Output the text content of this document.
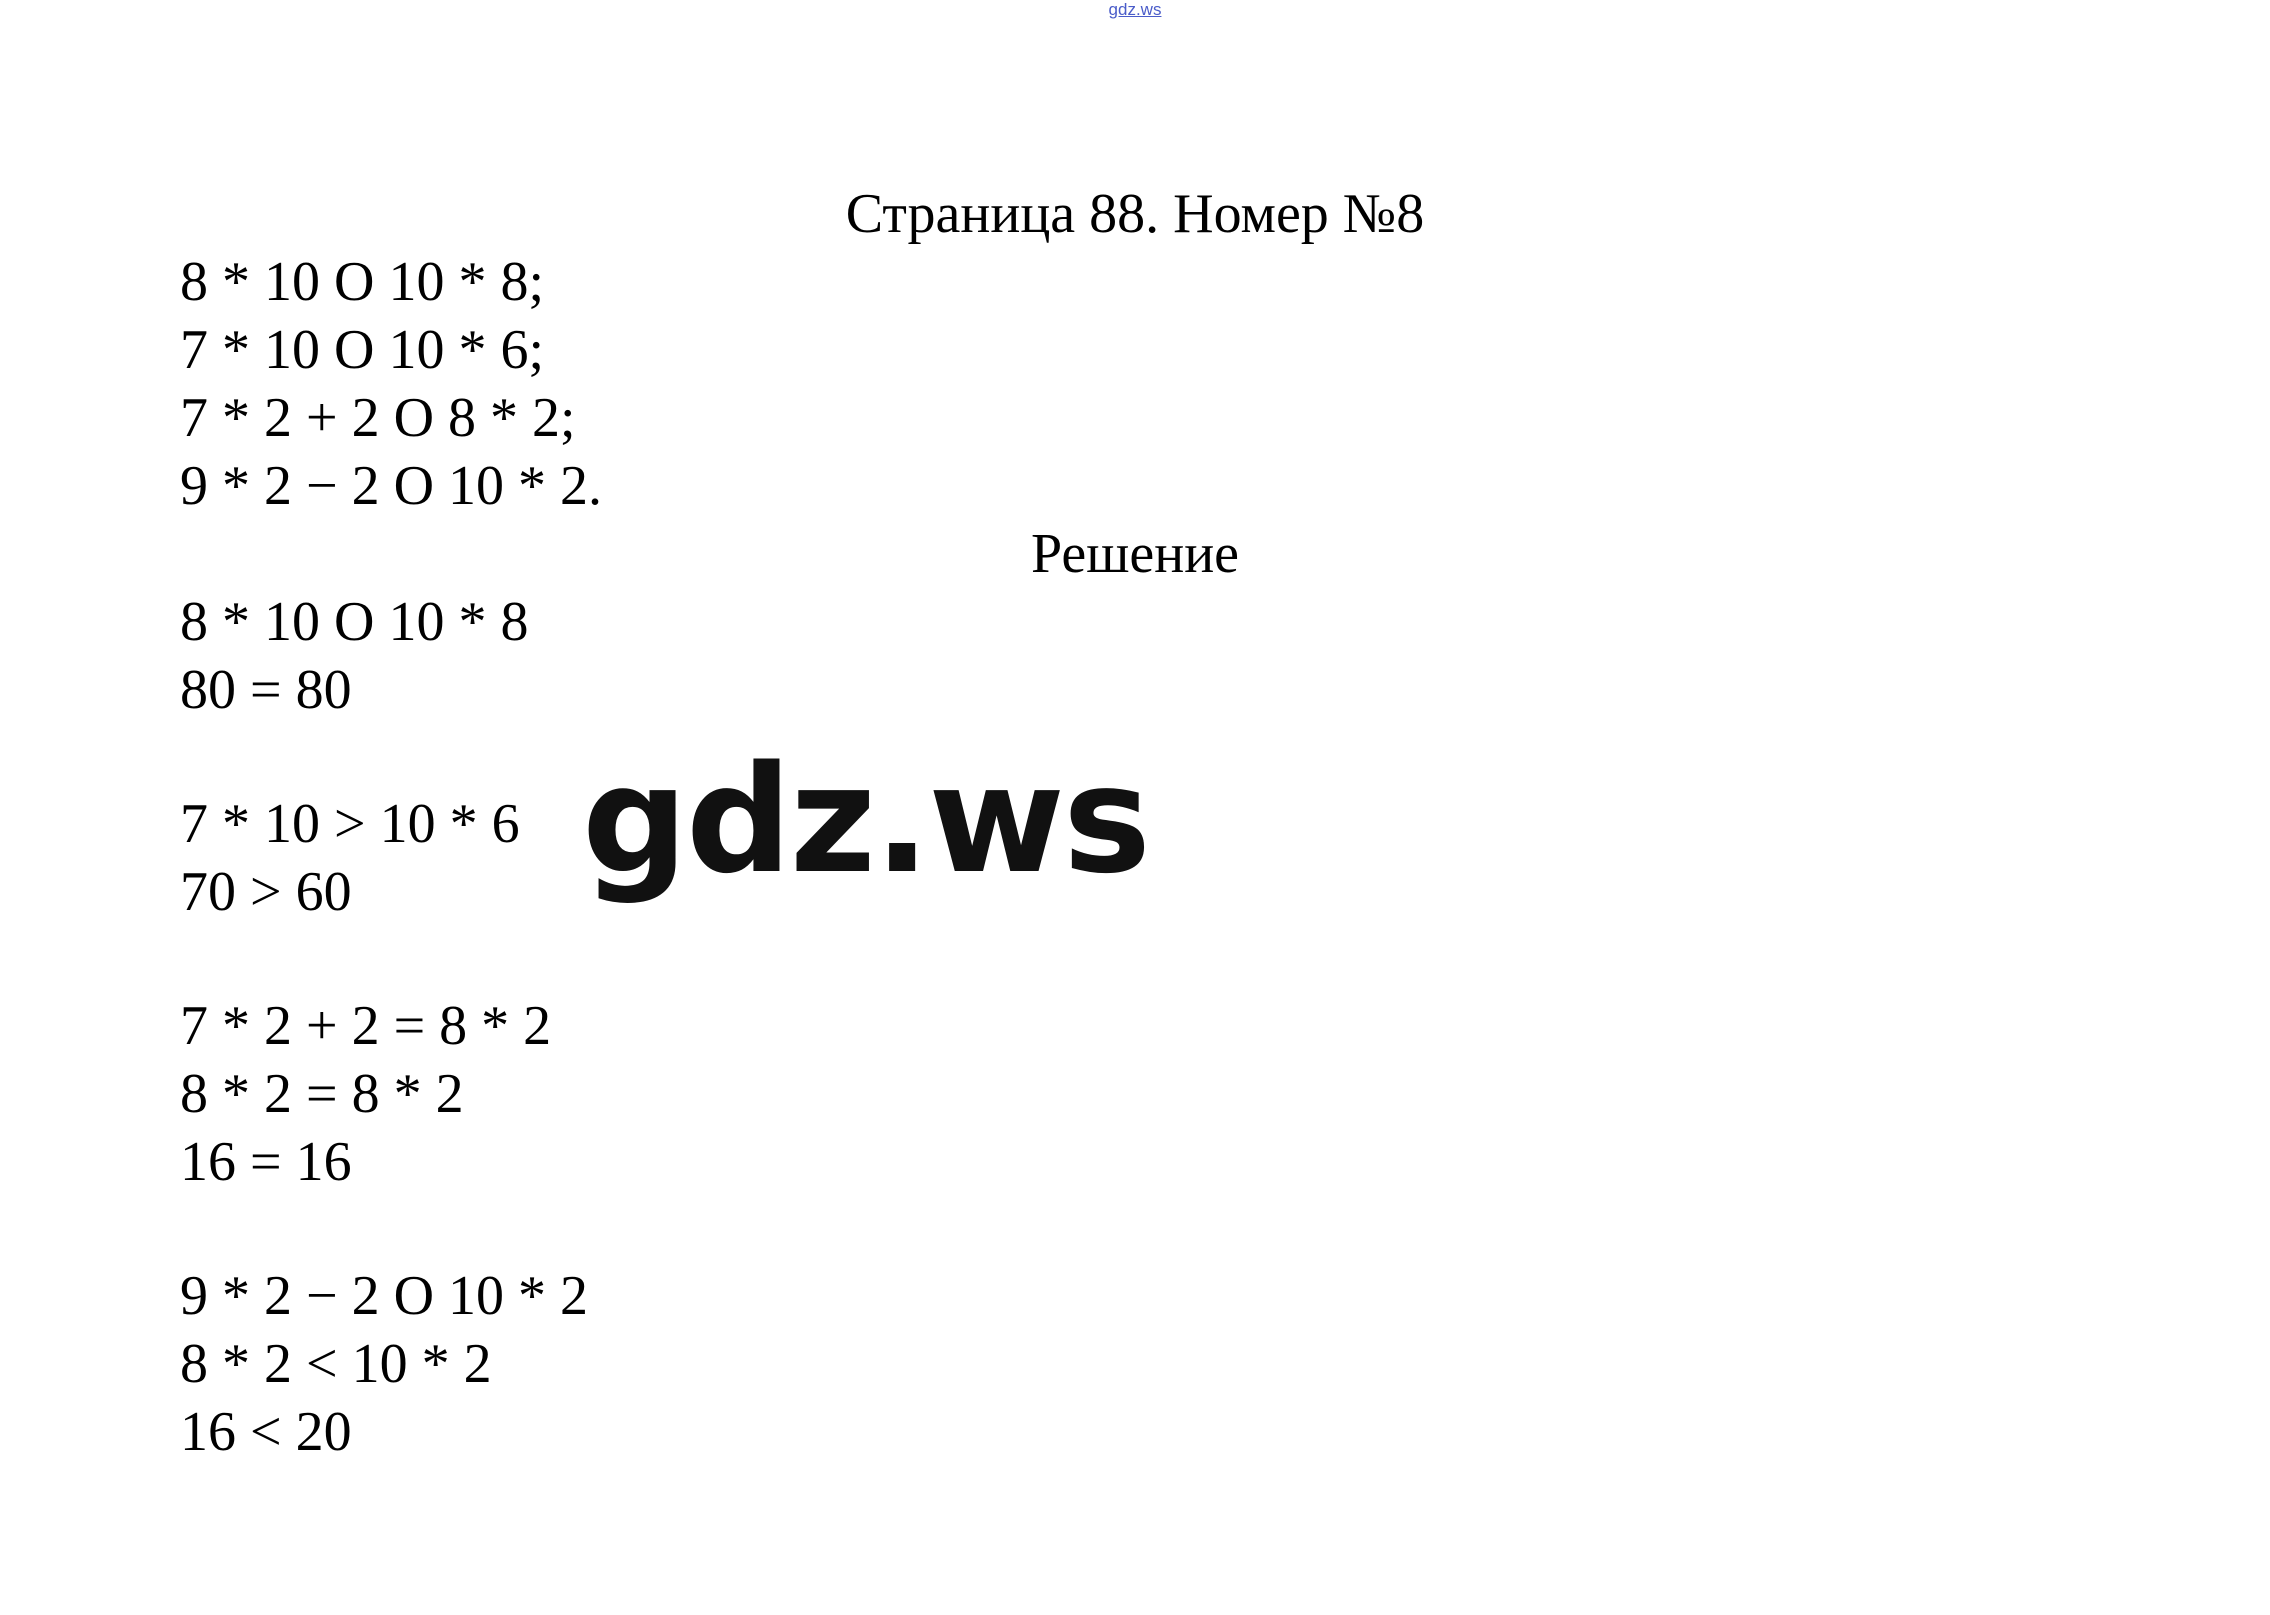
gdz.ws
Страница 88. Номер №8
8 * 10 O 10 * 8;
7 * 10 O 10 * 6;
7 * 2 + 2 O 8 * 2;
9 * 2 − 2 O 10 * 2.
Решение
8 * 10 O 10 * 8
80 = 80
7 * 10 > 10 * 6
70 > 60
7 * 2 + 2 = 8 * 2
8 * 2 = 8 * 2
16 = 16
9 * 2 − 2 O 10 * 2
8 * 2 < 10 * 2
16 < 20
gdz.ws
